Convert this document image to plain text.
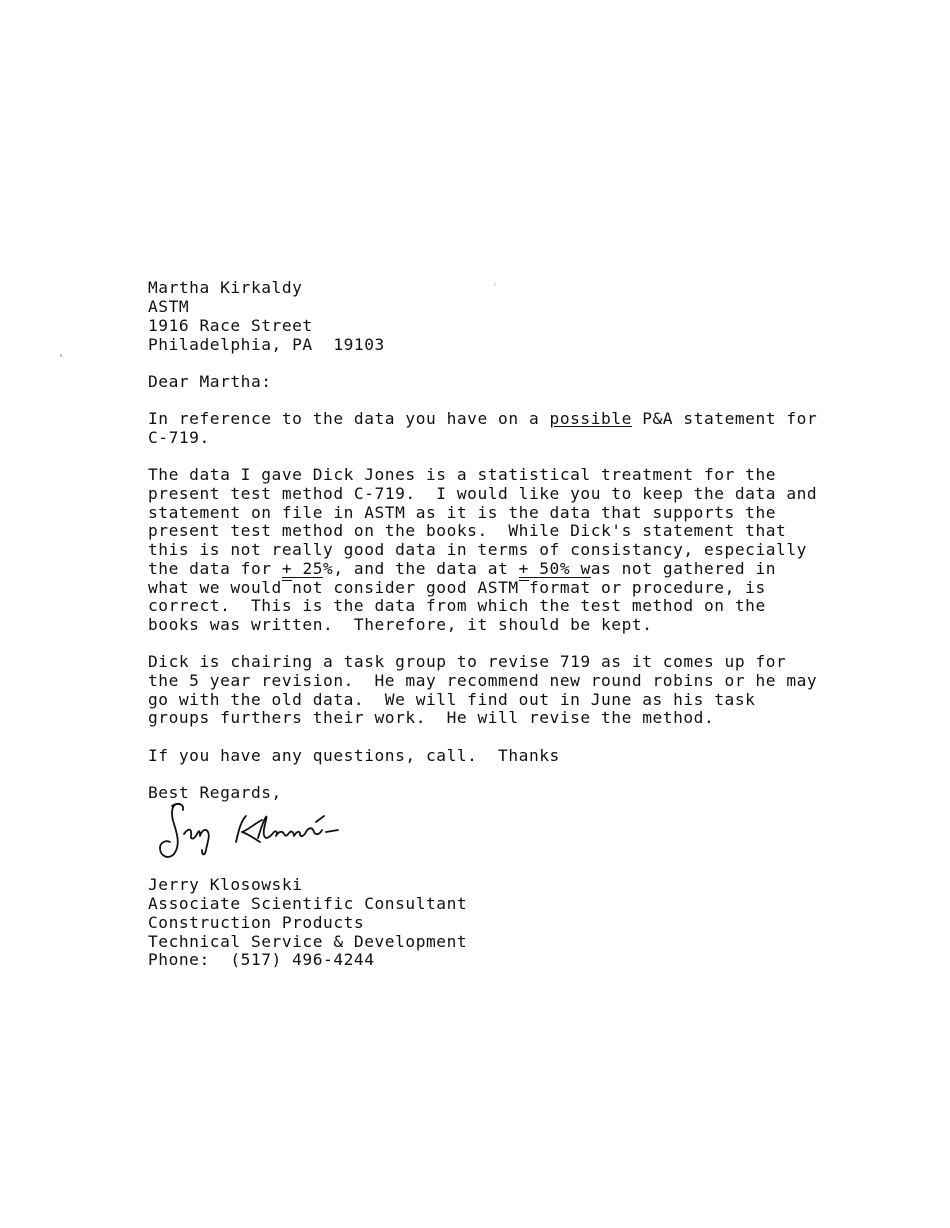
Martha Kirkaldy
ASTM
1916 Race Street
Philadelphia, PA  19103
Dear Martha:
In reference to the data you have on a possible P&A statement for
C-719.
The data I gave Dick Jones is a statistical treatment for the
present test method C-719.  I would like you to keep the data and
statement on file in ASTM as it is the data that supports the
present test method on the books.  While Dick's statement that
this is not really good data in terms of consistancy, especially
the data for + 25%, and the data at + 50% was not gathered in
what we would not consider good ASTM format or procedure, is
correct.  This is the data from which the test method on the
books was written.  Therefore, it should be kept.
Dick is chairing a task group to revise 719 as it comes up for
the 5 year revision.  He may recommend new round robins or he may
go with the old data.  We will find out in June as his task
groups furthers their work.  He will revise the method.
If you have any questions, call.  Thanks
Best Regards,
Jerry Klosowski
Associate Scientific Consultant
Construction Products
Technical Service & Development
Phone:  (517) 496-4244
